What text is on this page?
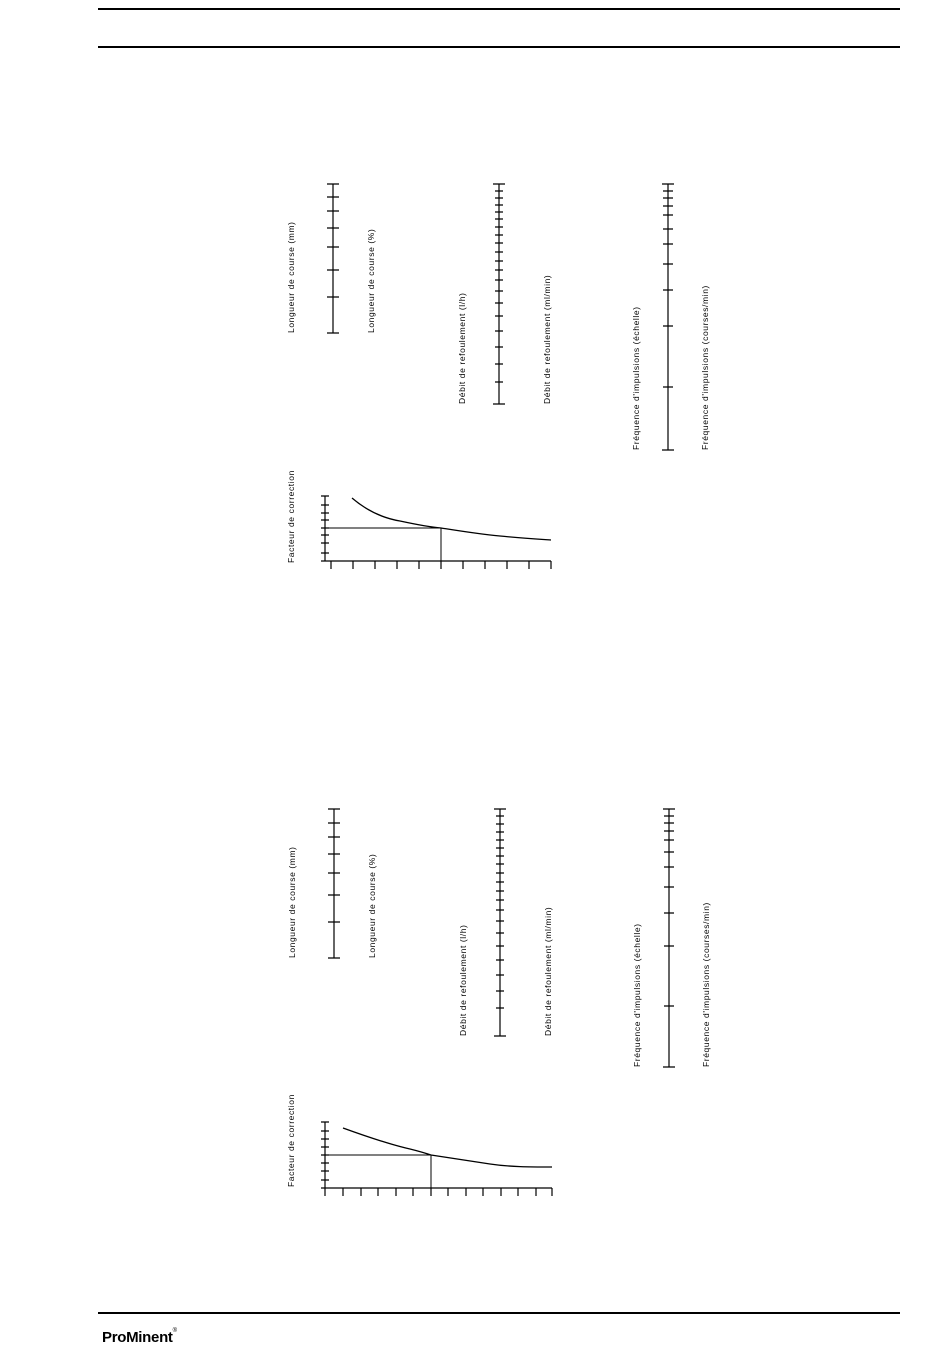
Longueur de course (mm)	Longueur de course (%)
Débit de refoulement (l/h)	Débit de refoulement (ml/min)	Fréquence d'impulsions (échelle)	Fréquence d'impulsions (courses/min)
Facteur de correction
Longueur de course (mm)	Longueur de course (%)
Débit de refoulement (l/h)	Débit de refoulement (ml/min)	Fréquence d'impulsions (échelle)	Fréquence d'impulsions (courses/min)
Facteur de correction
ProMinent®
